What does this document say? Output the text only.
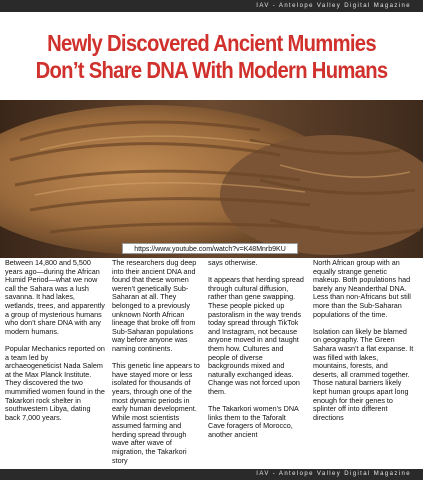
IAV - Antelope Valley Digital Magazine
Newly Discovered Ancient Mummies
Don’t Share DNA With Modern Humans
https://www.youtube.com/watch?v=K48Mnrb9KU

Between 14,800 and 5,500 years ago—during the African Humid Period—what we now call the Sahara was a lush savanna. It had lakes, wetlands, trees, and apparently a group of mysterious humans who don’t share DNA with any modern humans.

Popular Mechanics reported on a team led by archaeogeneticist Nada Salem at the Max Planck Institute. They discovered the two mummified women found in the Takarkori rock shelter in southwestern Libya, dating back 7,000 years.

The researchers dug deep into their ancient DNA and found that these women weren’t genetically Sub-Saharan at all. They belonged to a previously unknown North African lineage that broke off from Sub-Saharan populations way before anyone was naming continents.

This genetic line appears to have stayed more or less isolated for thousands of years, through one of the most dynamic periods in early human development. While most scientists assumed farming and herding spread through wave after wave of migration, the Takarkori story

says otherwise.

It appears that herding spread through cultural diffusion, rather than gene swapping. These people picked up pastoralism in the way trends today spread through TikTok and Instagram, not because anyone moved in and taught them how. Cultures and people of diverse backgrounds mixed and naturally exchanged ideas. Change was not forced upon them.

The Takarkori women’s DNA links them to the Taforalt Cave foragers of Morocco, another ancient

North African group with an equally strange genetic makeup. Both populations had barely any Neanderthal DNA. Less than non-Africans but still more than the Sub-Saharan populations of the time.

Isolation can likely be blamed on geography. The Green Sahara wasn’t a flat expanse. It was filled with lakes, mountains, forests, and deserts, all crammed together. Those natural barriers likely kept human groups apart long enough for their genes to splinter off into different directions

IAV - Antelope Valley Digital Magazine
